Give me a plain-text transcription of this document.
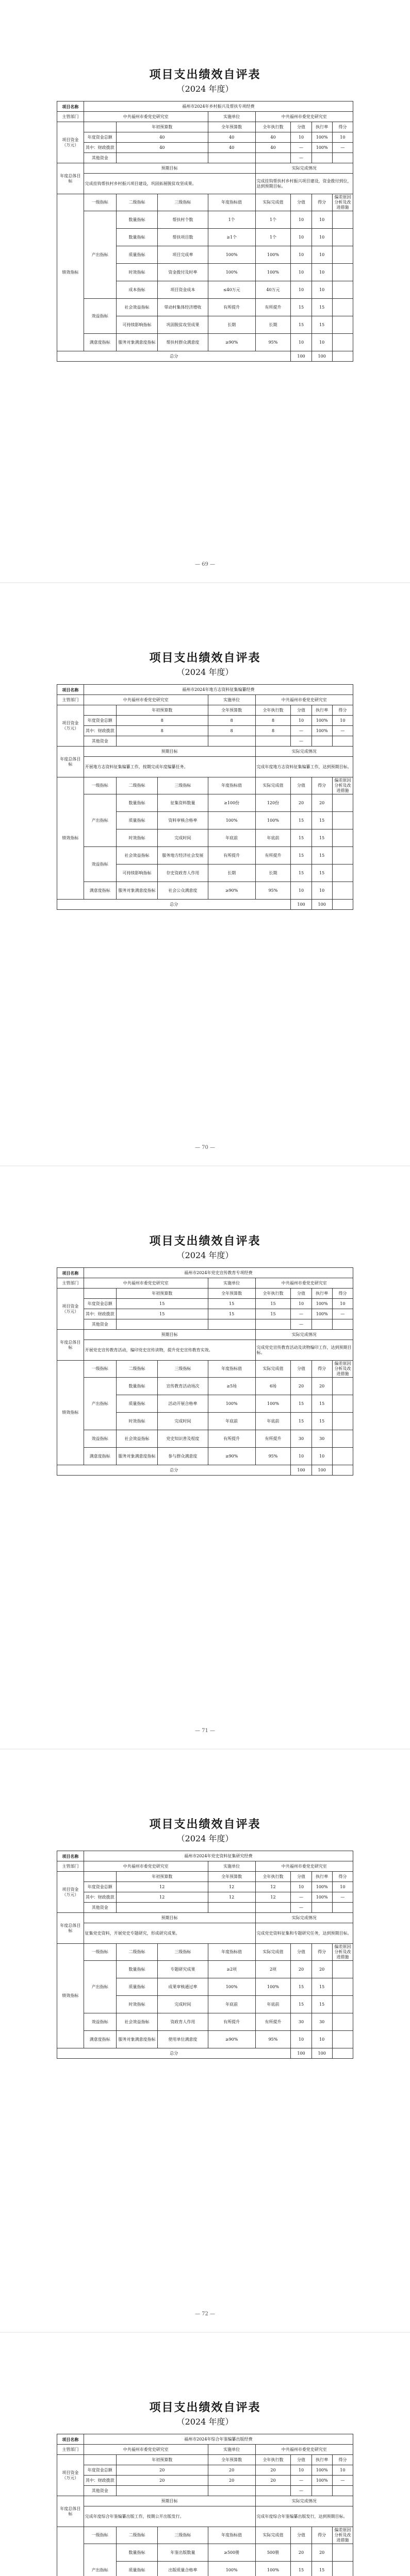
项目支出绩效自评表
（2024 年度）
项目名称	福州市2024年乡村振兴及帮扶专项经费							
主管部门	中共福州市委党史研究室			实施单位	中共福州市委党史研究室			
项目资金（万元）		年初预算数		全年预算数	全年执行数	分值	执行率	得分
	年度资金总额	40		40	40	10	100%	10
	其中：财政拨款	40		40	40	—	100%	—
	其他资金					—		
年度总体目标	预期目标				实际完成情况			
	完成挂钩帮扶村乡村振兴项目建设，巩固拓展脱贫攻坚成果。				完成挂钩帮扶村乡村振兴项目建设，资金拨付到位，达到预期目标。			
绩效指标	一级指标	二级指标	三级指标	年度指标值	实际完成值	分值	得分	偏差原因分析及改进措施
	产出指标	数量指标	帮扶村个数	1个	1个	10	10	
		数量指标	帮扶项目数	≥1个	1个	10	10	
		质量指标	项目完成率	100%	100%	10	10	
		时效指标	资金拨付及时率	100%	100%	10	10	
		成本指标	项目资金成本	≤40万元	40万元	10	10	
	效益指标	社会效益指标	带动村集体经济增收	有所提升	有所提升	15	15	
		可持续影响指标	巩固脱贫攻坚成果	长期	长期	15	15	
	满意度指标	服务对象满意度指标	帮扶村群众满意度	≥90%	95%	10	10	
总分						100	100	
— 69 —
项目支出绩效自评表
（2024 年度）
项目名称	福州市2024年地方志资料征集编纂经费							
主管部门	中共福州市委党史研究室			实施单位	中共福州市委党史研究室			
项目资金（万元）		年初预算数		全年预算数	全年执行数	分值	执行率	得分
	年度资金总额	8		8	8	10	100%	10
	其中：财政拨款	8		8	8	—	100%	—
	其他资金					—		
年度总体目标	预期目标				实际完成情况			
	开展地方志资料征集编纂工作，按期完成年度编纂任务。				完成年度地方志资料征集编纂工作，达到预期目标。			
绩效指标	一级指标	二级指标	三级指标	年度指标值	实际完成值	分值	得分	偏差原因分析及改进措施
	产出指标	数量指标	征集资料数量	≥100份	120份	20	20	
		质量指标	资料审核合格率	100%	100%	15	15	
		时效指标	完成时间	年底前	年底前	15	15	
	效益指标	社会效益指标	服务地方经济社会发展	有所提升	有所提升	15	15	
		可持续影响指标	存史资政育人作用	长期	长期	15	15	
	满意度指标	服务对象满意度指标	社会公众满意度	≥90%	95%	10	10	
总分						100	100	
— 70 —
项目支出绩效自评表
（2024 年度）
项目名称	福州市2024年党史宣传教育专项经费							
主管部门	中共福州市委党史研究室			实施单位	中共福州市委党史研究室			
项目资金（万元）		年初预算数		全年预算数	全年执行数	分值	执行率	得分
	年度资金总额	15		15	15	10	100%	10
	其中：财政拨款	15		15	15	—	100%	—
	其他资金					—		
年度总体目标	预期目标				实际完成情况			
	开展党史宣传教育活动，编印党史宣传读物，提升党史宣传教育实效。				完成党史宣传教育活动及读物编印工作，达到预期目标。			
绩效指标	一级指标	二级指标	三级指标	年度指标值	实际完成值	分值	得分	偏差原因分析及改进措施
	产出指标	数量指标	宣传教育活动场次	≥5场	6场	20	20	
		质量指标	活动开展合格率	100%	100%	15	15	
		时效指标	完成时间	年底前	年底前	15	15	
	效益指标	社会效益指标	党史知识普及程度	有所提升	有所提升	30	30	
	满意度指标	服务对象满意度指标	参与群众满意度	≥90%	95%	10	10	
总分						100	100	
— 71 —
项目支出绩效自评表
（2024 年度）
项目名称	福州市2024年党史资料征集研究经费							
主管部门	中共福州市委党史研究室			实施单位	中共福州市委党史研究室			
项目资金（万元）		年初预算数		全年预算数	全年执行数	分值	执行率	得分
	年度资金总额	12		12	12	10	100%	10
	其中：财政拨款	12		12	12	—	100%	—
	其他资金					—		
年度总体目标	预期目标				实际完成情况			
	征集党史资料，开展党史专题研究，形成研究成果。				完成党史资料征集和专题研究任务，达到预期目标。			
绩效指标	一级指标	二级指标	三级指标	年度指标值	实际完成值	分值	得分	偏差原因分析及改进措施
	产出指标	数量指标	专题研究成果	≥2项	2项	20	20	
		质量指标	成果审核通过率	100%	100%	15	15	
		时效指标	完成时间	年底前	年底前	15	15	
	效益指标	社会效益指标	资政育人作用	有所提升	有所提升	30	30	
	满意度指标	服务对象满意度指标	使用单位满意度	≥90%	95%	10	10	
总分						100	100	
— 72 —
项目支出绩效自评表
（2024 年度）
项目名称	福州市2024年综合年鉴编纂出版经费							
主管部门	中共福州市委党史研究室			实施单位	中共福州市委党史研究室			
项目资金（万元）		年初预算数		全年预算数	全年执行数	分值	执行率	得分
	年度资金总额	20		20	20	10	100%	10
	其中：财政拨款	20		20	20	—	100%	—
	其他资金					—		
年度总体目标	预期目标				实际完成情况			
	完成年度综合年鉴编纂出版工作，按期公开出版发行。				完成年度综合年鉴编纂出版发行，达到预期目标。			
	一级指标	二级指标	三级指标	年度指标值	实际完成值	分值	得分	偏差原因分析及改进措施
	产出指标	数量指标	年鉴出版数量	≥500册	500册	20	20	
		质量指标	出版质量合格率	100%	100%	15	15	
